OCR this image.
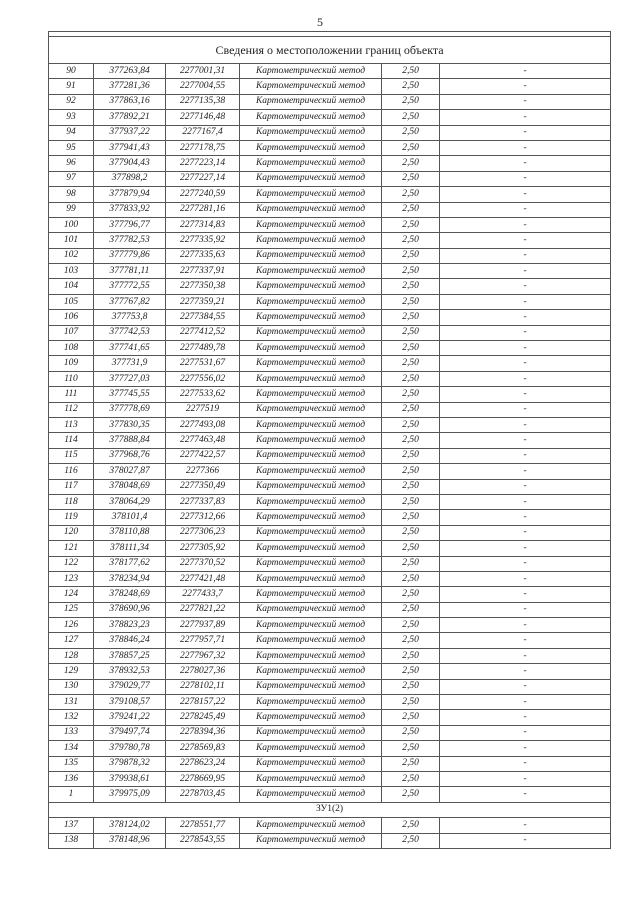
5

Сведения о местоположении границ объекта					
90	377263,84	2277001,31	Картометрический метод	2,50	-
91	377281,36	2277004,55	Картометрический метод	2,50	-
92	377863,16	2277135,38	Картометрический метод	2,50	-
93	377892,21	2277146,48	Картометрический метод	2,50	-
94	377937,22	2277167,4	Картометрический метод	2,50	-
95	377941,43	2277178,75	Картометрический метод	2,50	-
96	377904,43	2277223,14	Картометрический метод	2,50	-
97	377898,2	2277227,14	Картометрический метод	2,50	-
98	377879,94	2277240,59	Картометрический метод	2,50	-
99	377833,92	2277281,16	Картометрический метод	2,50	-
100	377796,77	2277314,83	Картометрический метод	2,50	-
101	377782,53	2277335,92	Картометрический метод	2,50	-
102	377779,86	2277335,63	Картометрический метод	2,50	-
103	377781,11	2277337,91	Картометрический метод	2,50	-
104	377772,55	2277350,38	Картометрический метод	2,50	-
105	377767,82	2277359,21	Картометрический метод	2,50	-
106	377753,8	2277384,55	Картометрический метод	2,50	-
107	377742,53	2277412,52	Картометрический метод	2,50	-
108	377741,65	2277489,78	Картометрический метод	2,50	-
109	377731,9	2277531,67	Картометрический метод	2,50	-
110	377727,03	2277556,02	Картометрический метод	2,50	-
111	377745,55	2277533,62	Картометрический метод	2,50	-
112	377778,69	2277519	Картометрический метод	2,50	-
113	377830,35	2277493,08	Картометрический метод	2,50	-
114	377888,84	2277463,48	Картометрический метод	2,50	-
115	377968,76	2277422,57	Картометрический метод	2,50	-
116	378027,87	2277366	Картометрический метод	2,50	-
117	378048,69	2277350,49	Картометрический метод	2,50	-
118	378064,29	2277337,83	Картометрический метод	2,50	-
119	378101,4	2277312,66	Картометрический метод	2,50	-
120	378110,88	2277306,23	Картометрический метод	2,50	-
121	378111,34	2277305,92	Картометрический метод	2,50	-
122	378177,62	2277370,52	Картометрический метод	2,50	-
123	378234,94	2277421,48	Картометрический метод	2,50	-
124	378248,69	2277433,7	Картометрический метод	2,50	-
125	378690,96	2277821,22	Картометрический метод	2,50	-
126	378823,23	2277937,89	Картометрический метод	2,50	-
127	378846,24	2277957,71	Картометрический метод	2,50	-
128	378857,25	2277967,32	Картометрический метод	2,50	-
129	378932,53	2278027,36	Картометрический метод	2,50	-
130	379029,77	2278102,11	Картометрический метод	2,50	-
131	379108,57	2278157,22	Картометрический метод	2,50	-
132	379241,22	2278245,49	Картометрический метод	2,50	-
133	379497,74	2278394,36	Картометрический метод	2,50	-
134	379780,78	2278569,83	Картометрический метод	2,50	-
135	379878,32	2278623,24	Картометрический метод	2,50	-
136	379938,61	2278669,95	Картометрический метод	2,50	-
1	379975,09	2278703,45	Картометрический метод	2,50	-
ЗУ1(2)					
137	378124,02	2278551,77	Картометрический метод	2,50	-
138	378148,96	2278543,55	Картометрический метод	2,50	-
